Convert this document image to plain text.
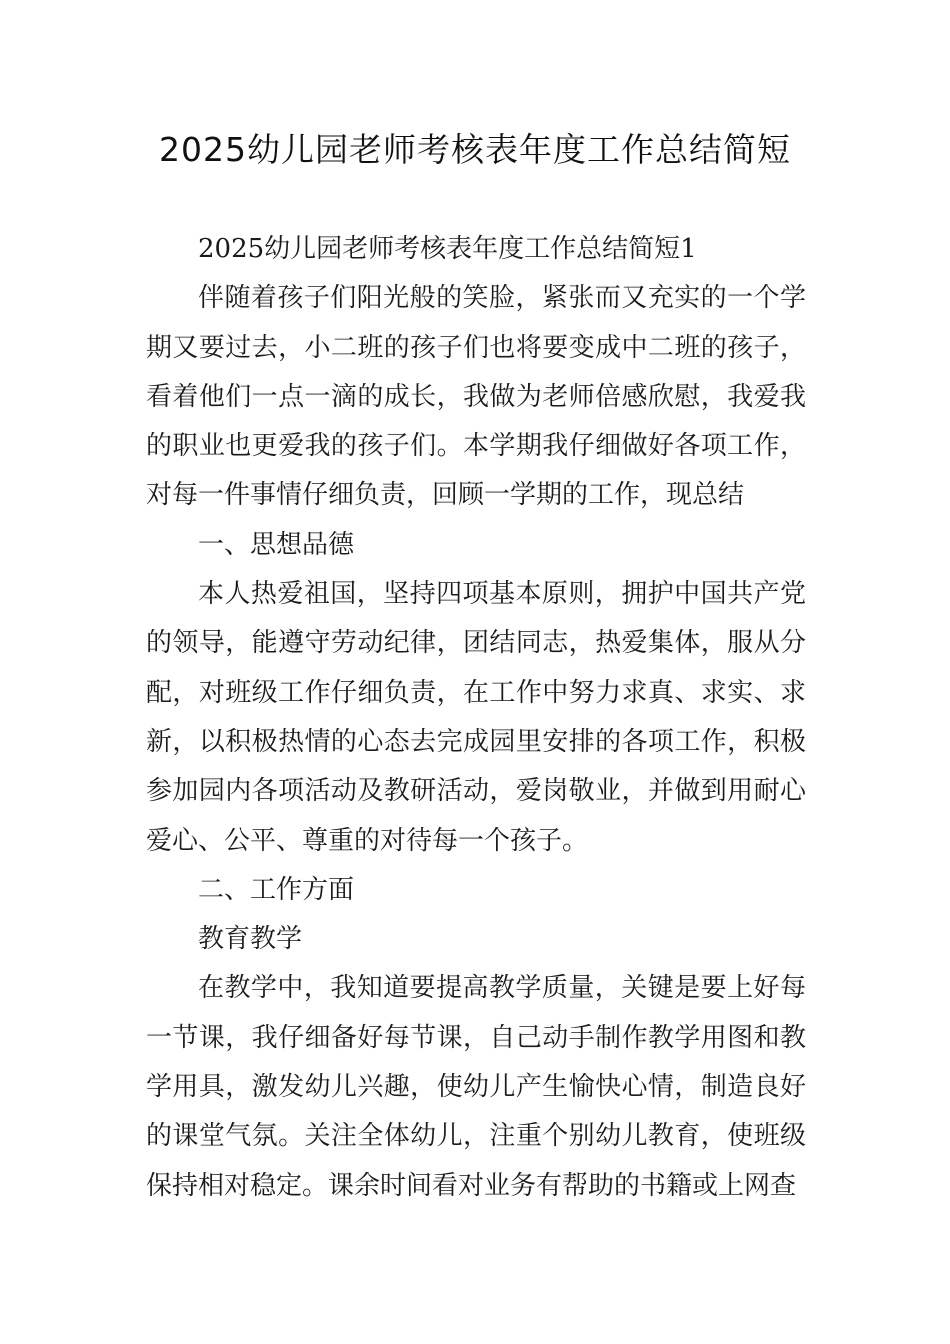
2025幼儿园老师考核表年度工作总结简短

2025幼儿园老师考核表年度工作总结简短1

伴随着孩子们阳光般的笑脸，紧张而又充实的一个学期又要过去，小二班的孩子们也将要变成中二班的孩子，看着他们一点一滴的成长，我做为老师倍感欣慰，我爱我的职业也更爱我的孩子们。本学期我仔细做好各项工作，对每一件事情仔细负责，回顾一学期的工作，现总结

一、思想品德

本人热爱祖国，坚持四项基本原则，拥护中国共产党的领导，能遵守劳动纪律，团结同志，热爱集体，服从分配，对班级工作仔细负责，在工作中努力求真、求实、求新，以积极热情的心态去完成园里安排的各项工作，积极参加园内各项活动及教研活动，爱岗敬业，并做到用耐心爱心、公平、尊重的对待每一个孩子。

二、工作方面

教育教学

在教学中，我知道要提高教学质量，关键是要上好每一节课，我仔细备好每节课，自己动手制作教学用图和教学用具，激发幼儿兴趣，使幼儿产生愉快心情，制造良好的课堂气氛。关注全体幼儿，注重个别幼儿教育，使班级保持相对稳定。课余时间看对业务有帮助的书籍或上网查
